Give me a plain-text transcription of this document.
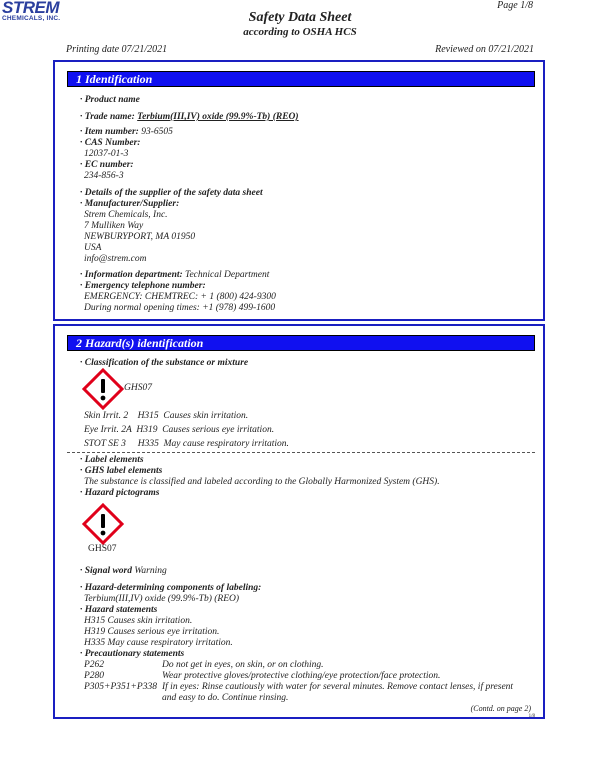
STREM
CHEMICALS, INC.
Page 1/8
Safety Data Sheet
according to OSHA HCS
Printing date 07/21/2021	Reviewed on 07/21/2021
1 Identification
· Product name
· Trade name: Terbium(III,IV) oxide (99.9%-Tb) (REO)
· Item number: 93-6505
· CAS Number:
12037-01-3
· EC number:
234-856-3
· Details of the supplier of the safety data sheet
· Manufacturer/Supplier:
Strem Chemicals, Inc.
7 Mulliken Way
NEWBURYPORT, MA 01950
USA
info@strem.com
· Information department: Technical Department
· Emergency telephone number:
EMERGENCY: CHEMTREC: + 1 (800) 424-9300
During normal opening times: +1 (978) 499-1600
2 Hazard(s) identification
· Classification of the substance or mixture
GHS07
Skin Irrit. 2    H315  Causes skin irritation.
Eye Irrit. 2A  H319  Causes serious eye irritation.
STOT SE 3     H335  May cause respiratory irritation.
· Label elements
· GHS label elements
The substance is classified and labeled according to the Globally Harmonized System (GHS).
· Hazard pictograms
GHS07
· Signal word Warning
· Hazard-determining components of labeling:
Terbium(III,IV) oxide (99.9%-Tb) (REO)
· Hazard statements
H315 Causes skin irritation.
H319 Causes serious eye irritation.
H335 May cause respiratory irritation.
· Precautionary statements
P262	Do not get in eyes, on skin, or on clothing.
P280	Wear protective gloves/protective clothing/eye protection/face protection.
P305+P351+P338 If in eyes: Rinse cautiously with water for several minutes. Remove contact lenses, if present
and easy to do. Continue rinsing.
(Contd. on page 2)
1/8
